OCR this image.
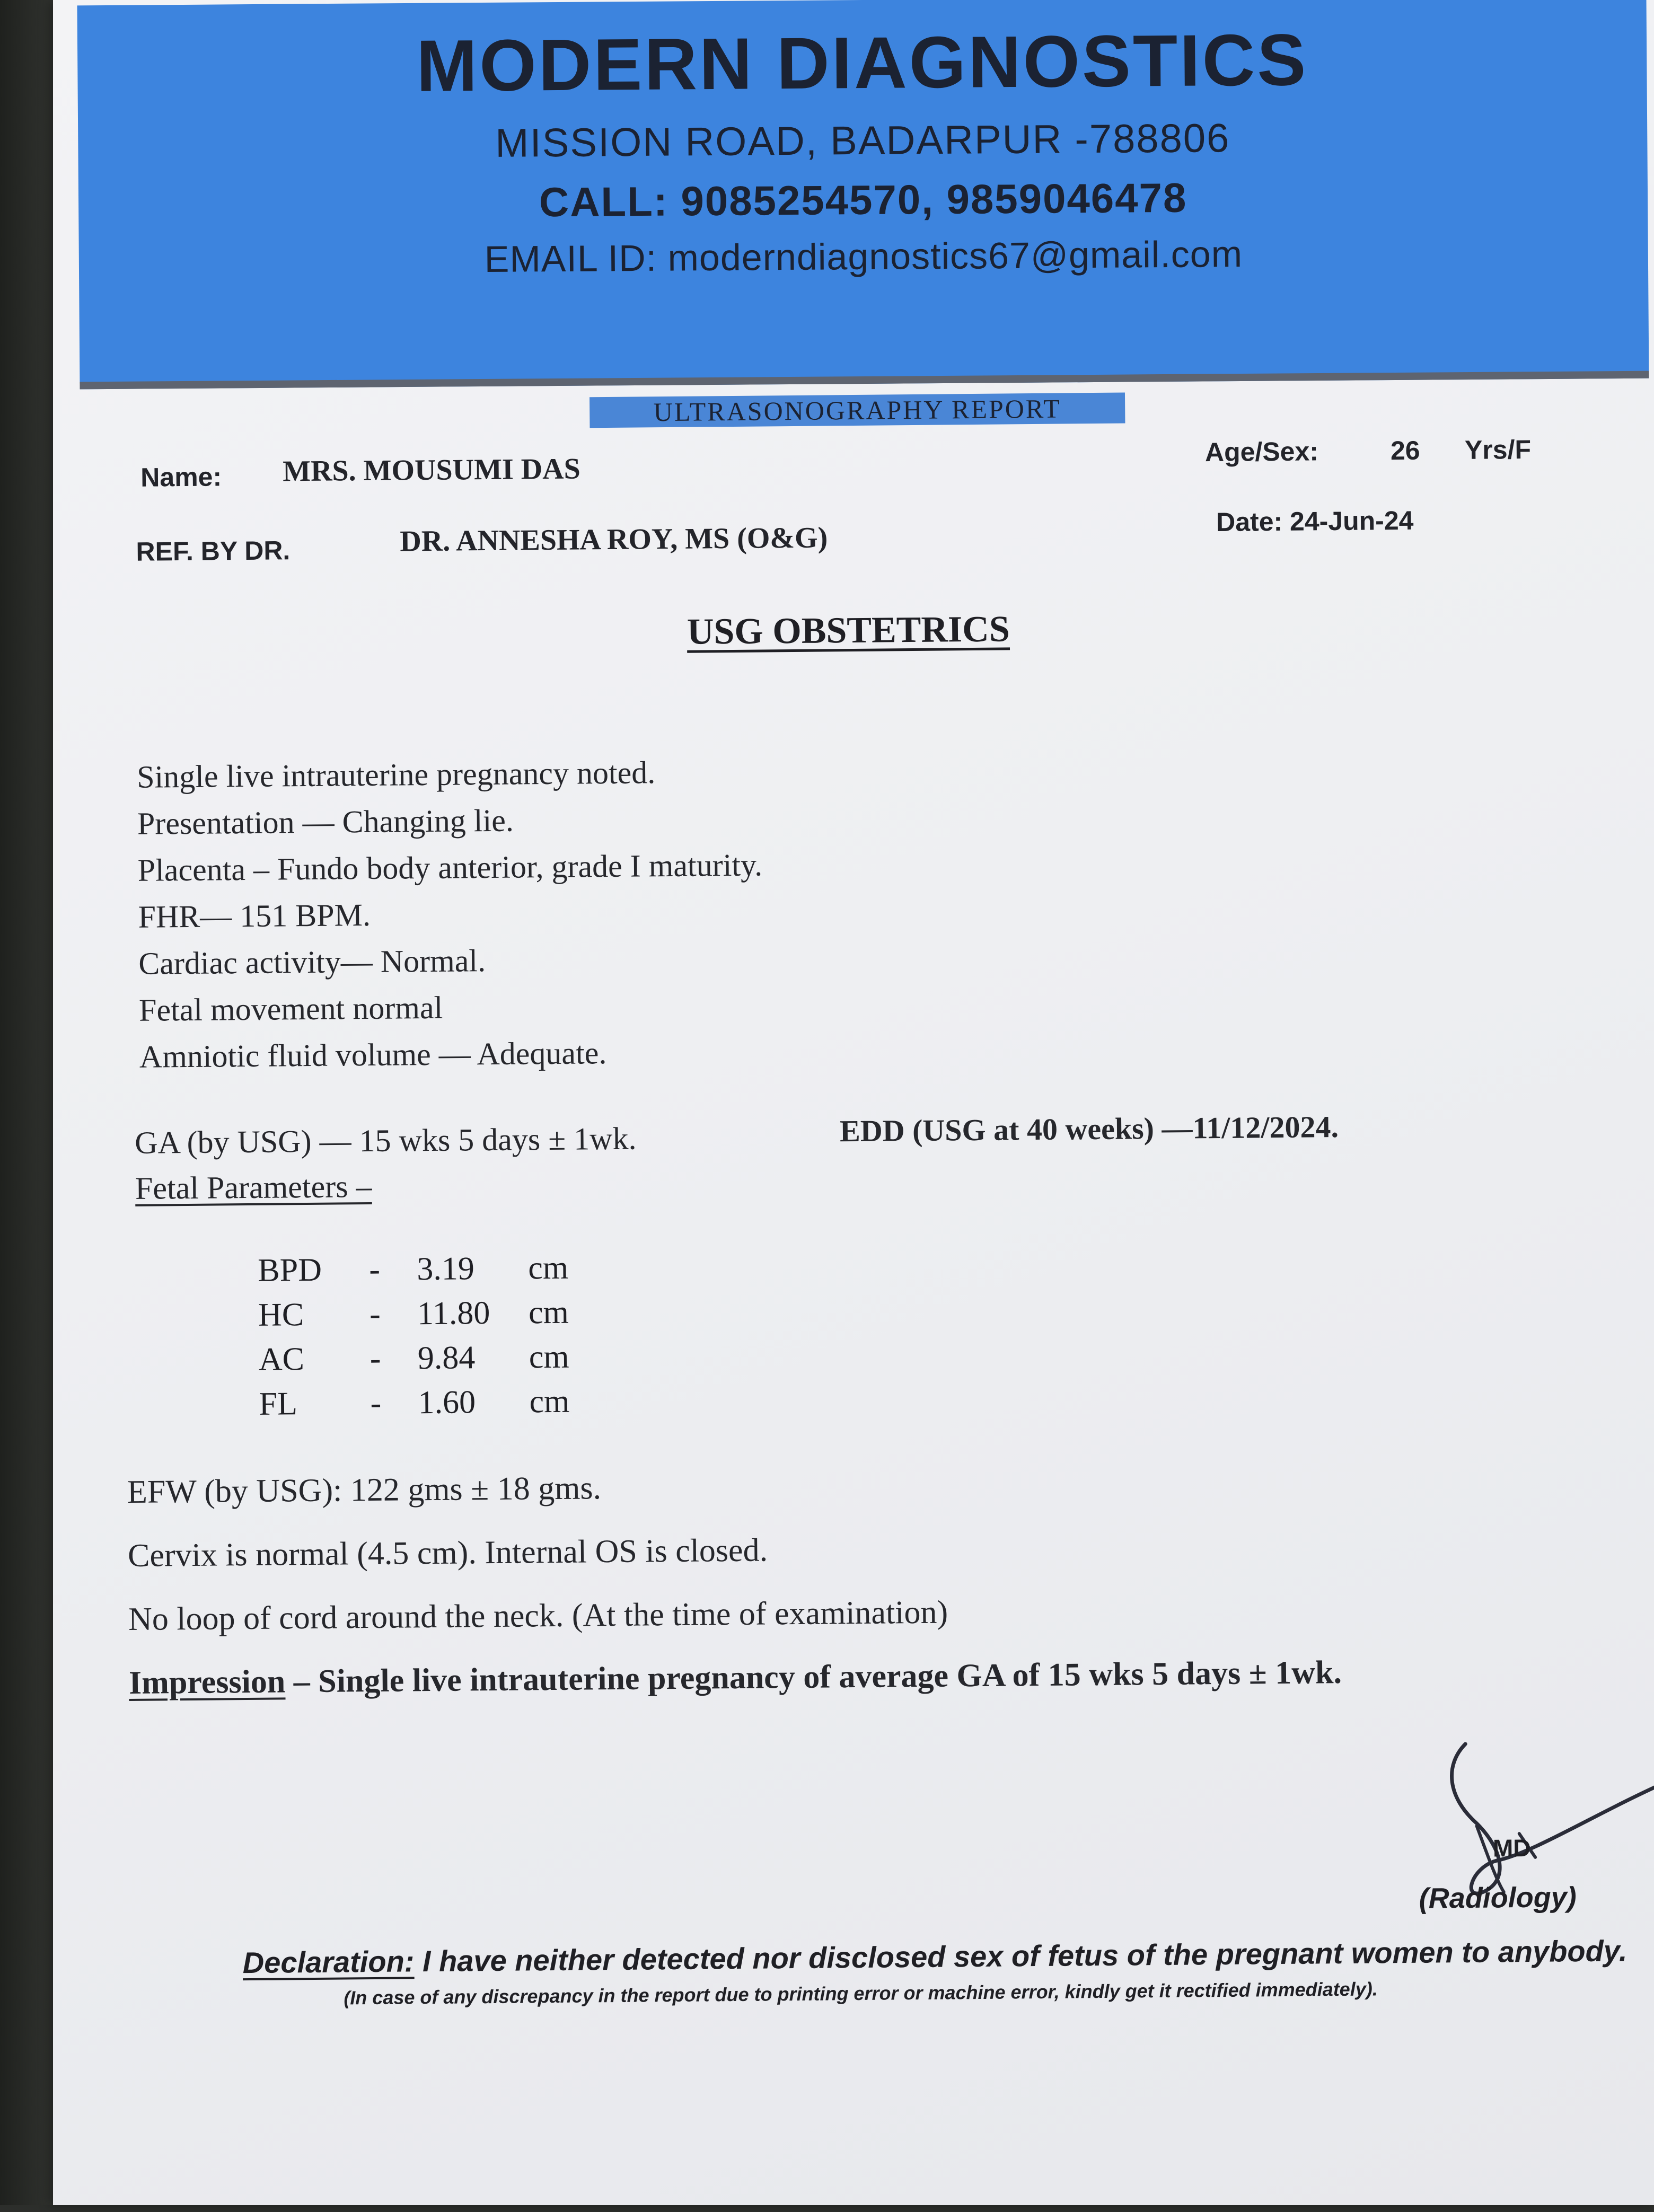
MODERN DIAGNOSTICS
MISSION ROAD, BADARPUR -788806
CALL: 9085254570, 9859046478
EMAIL ID: moderndiagnostics67@gmail.com
ULTRASONOGRAPHY REPORT
Name: MRS. MOUSUMI DAS
Age/Sex:	26 Yrs/F
REF. BY DR.	DR. ANNESHA ROY, MS (O&G)
Date: 24-Jun-24
USG OBSTETRICS
Single live intrauterine pregnancy noted.
Presentation — Changing lie.
Placenta – Fundo body anterior, grade I maturity.
FHR— 151 BPM.
Cardiac activity— Normal.
Fetal movement normal
Amniotic fluid volume — Adequate.
GA (by USG) — 15 wks 5 days ± 1wk.	EDD (USG at 40 weeks) —11/12/2024.
Fetal Parameters –
BPD - 3.19 cm
HC - 11.80 cm
AC - 9.84 cm
FL - 1.60 cm
EFW (by USG): 122 gms ± 18 gms.
Cervix is normal (4.5 cm). Internal OS is closed.
No loop of cord around the neck. (At the time of examination)
Impression – Single live intrauterine pregnancy of average GA of 15 wks 5 days ± 1wk.
MD
(Radiology)
Declaration: I have neither detected nor disclosed sex of fetus of the pregnant women to anybody.
(In case of any discrepancy in the report due to printing error or machine error, kindly get it rectified immediately).
